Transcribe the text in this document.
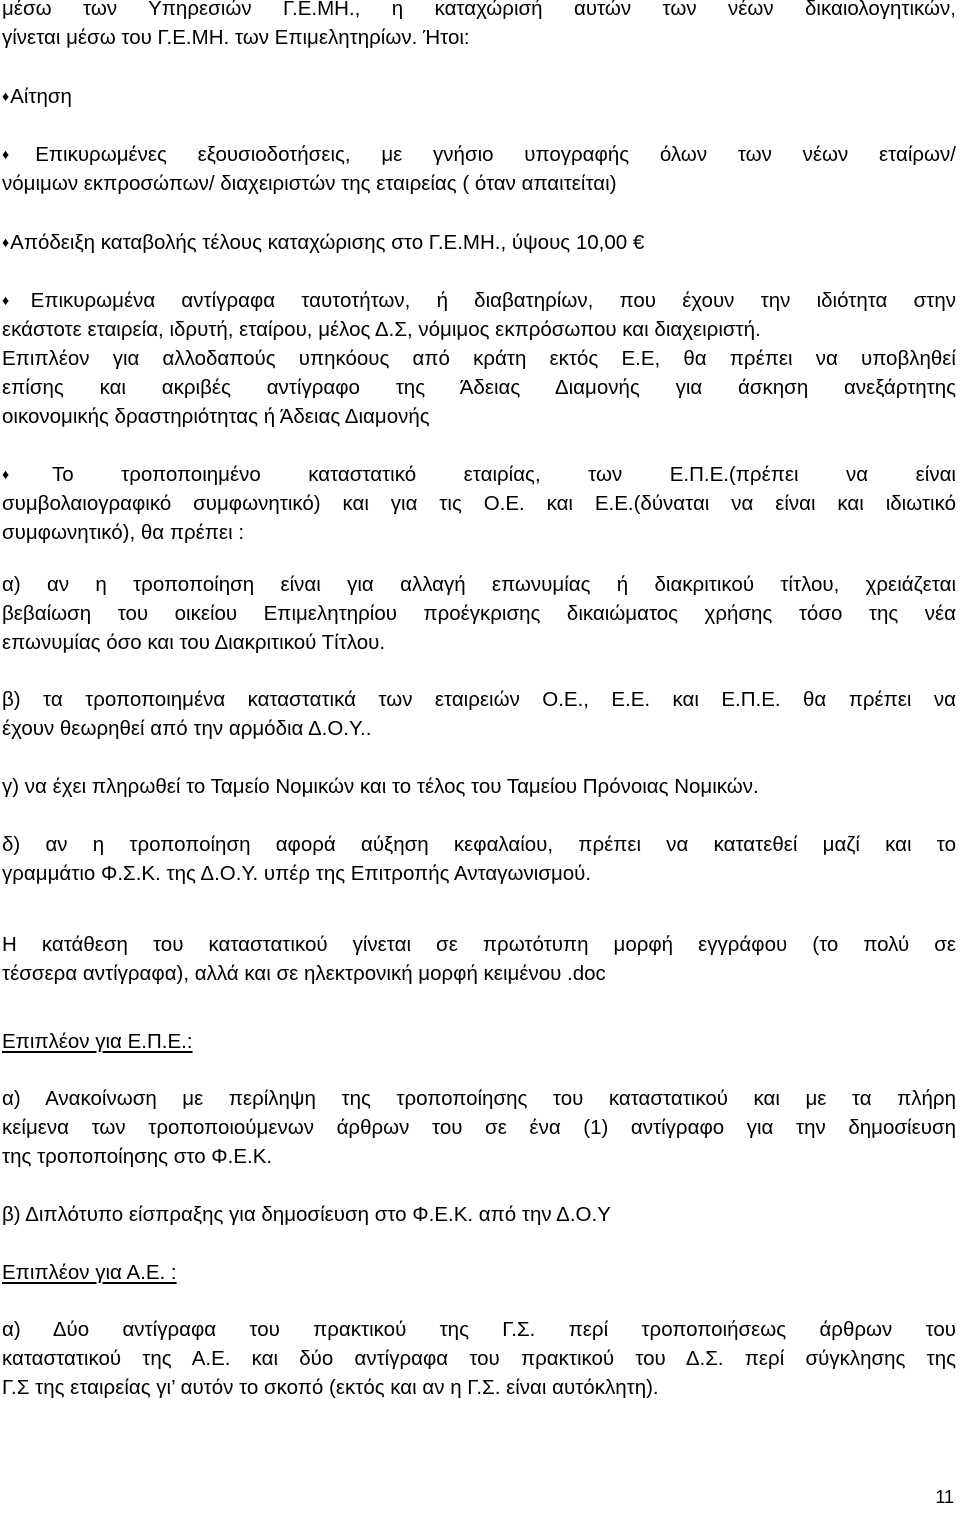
μέσω των Υπηρεσιών Γ.Ε.ΜΗ., η καταχώρισή αυτών των νέων δικαιολογητικών,
γίνεται μέσω του Γ.Ε.ΜΗ. των Επιμελητηρίων. Ήτοι:
♦Αίτηση
♦Επικυρωμένες εξουσιοδοτήσεις, με γνήσιο υπογραφής όλων των νέων εταίρων/
νόμιμων εκπροσώπων/ διαχειριστών της εταιρείας ( όταν απαιτείται)
♦Απόδειξη καταβολής τέλους καταχώρισης στο Γ.Ε.ΜΗ., ύψους 10,00 €
♦Επικυρωμένα αντίγραφα ταυτοτήτων, ή διαβατηρίων, που έχουν την ιδιότητα στην
εκάστοτε εταιρεία, ιδρυτή, εταίρου, μέλος Δ.Σ, νόμιμος εκπρόσωπου και διαχειριστή.
Επιπλέον για αλλοδαπούς υπηκόους από κράτη εκτός Ε.Ε, θα πρέπει να υποβληθεί
επίσης και ακριβές αντίγραφο της Άδειας Διαμονής για άσκηση ανεξάρτητης
οικονομικής δραστηριότητας ή Άδειας Διαμονής
♦Το τροποποιημένο καταστατικό εταιρίας, των Ε.Π.Ε.(πρέπει να είναι
συμβολαιογραφικό συμφωνητικό) και για τις Ο.Ε. και Ε.Ε.(δύναται να είναι και ιδιωτικό
συμφωνητικό), θα πρέπει :
α) αν η τροποποίηση είναι για αλλαγή επωνυμίας ή διακριτικού τίτλου, χρειάζεται
βεβαίωση του οικείου Επιμελητηρίου προέγκρισης δικαιώματος χρήσης τόσο της νέα
επωνυμίας όσο και του Διακριτικού Τίτλου.
β) τα τροποποιημένα καταστατικά των εταιρειών Ο.Ε., Ε.Ε. και Ε.Π.Ε. θα πρέπει να
έχουν θεωρηθεί από την αρμόδια Δ.Ο.Υ..
γ) να έχει πληρωθεί το Ταμείο Νομικών και το τέλος του Ταμείου Πρόνοιας Νομικών.
δ) αν η τροποποίηση αφορά αύξηση κεφαλαίου, πρέπει να κατατεθεί μαζί και το
γραμμάτιο Φ.Σ.Κ. της Δ.Ο.Υ. υπέρ της Επιτροπής Ανταγωνισμού.
Η κατάθεση του καταστατικού γίνεται σε πρωτότυπη μορφή εγγράφου (το πολύ σε
τέσσερα αντίγραφα), αλλά και σε ηλεκτρονική μορφή κειμένου .doc
Επιπλέον για Ε.Π.Ε.:
α) Ανακοίνωση με περίληψη της τροποποίησης του καταστατικού και με τα πλήρη
κείμενα των τροποποιούμενων άρθρων του σε ένα (1) αντίγραφο για την δημοσίευση
της τροποποίησης στο Φ.Ε.Κ.
β) Διπλότυπο είσπραξης για δημοσίευση στο Φ.Ε.Κ. από την Δ.Ο.Υ
Επιπλέον για Α.Ε. :
α) Δύο αντίγραφα του πρακτικού της Γ.Σ. περί τροποποιήσεως άρθρων του
καταστατικού της Α.Ε. και δύο αντίγραφα του πρακτικού του Δ.Σ. περί σύγκλησης της
Γ.Σ της εταιρείας γι’ αυτόν το σκοπό (εκτός και αν η Γ.Σ. είναι αυτόκλητη).
11
